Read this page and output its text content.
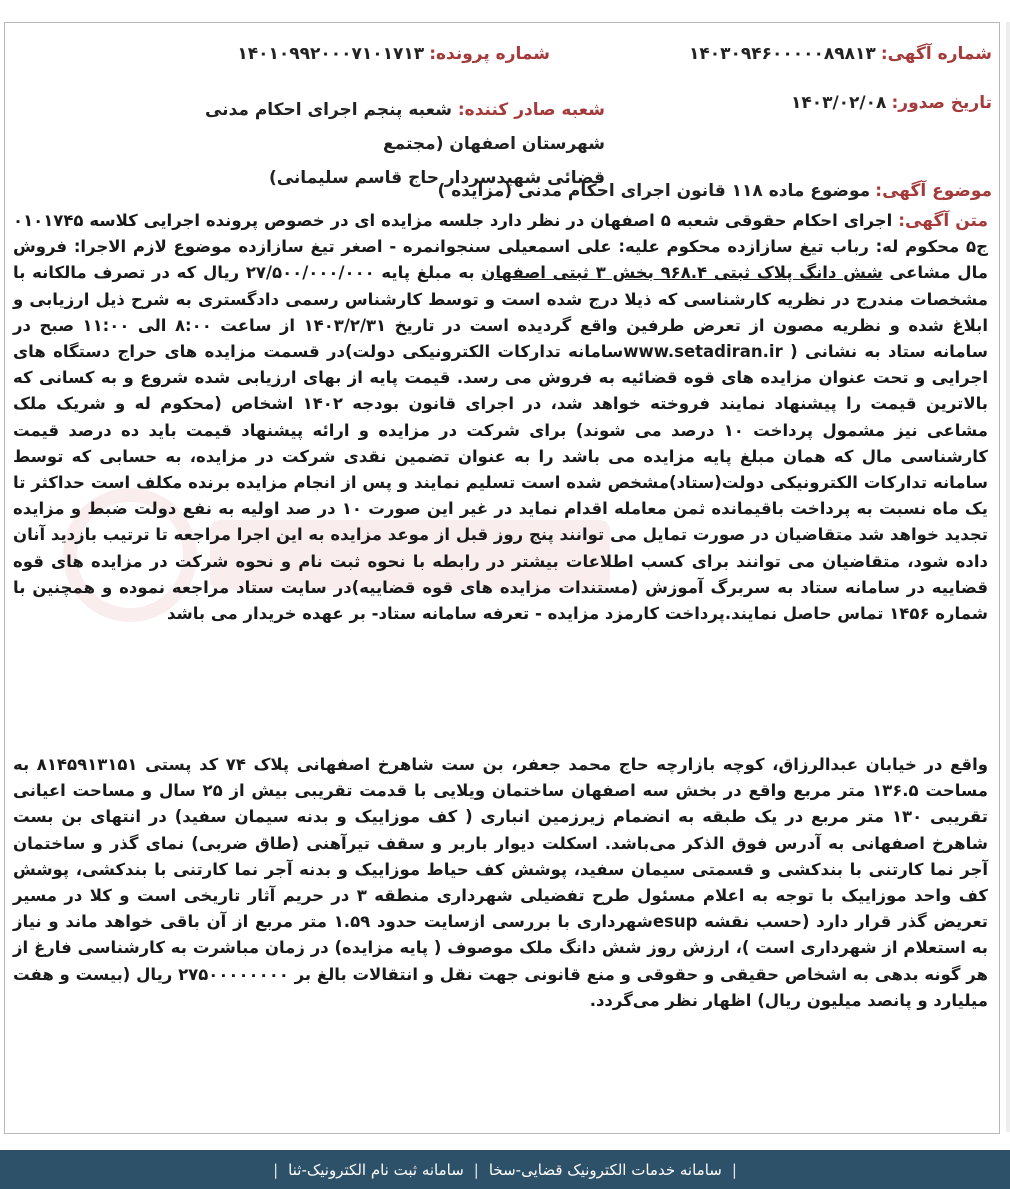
شماره آگهی: ۱۴۰۳۰۹۴۶۰۰۰۰۰۸۹۸۱۳
شماره پرونده: ۱۴۰۱۰۹۹۲۰۰۰۷۱۰۱۷۱۳
تاریخ صدور: ۱۴۰۳/۰۲/۰۸
شعبه صادر کننده: شعبه پنجم اجرای احکام مدنی شهرستان اصفهان (مجتمع
قضائی شهیدسردار حاج قاسم سلیمانی)
موضوع آگهی: موضوع ماده ۱۱۸ قانون اجرای احکام مدنی (مزایده )
متن آگهی: اجرای احکام حقوقی شعبه ۵ اصفهان در نظر دارد جلسه مزایده ای در خصوص پرونده اجرایی کلاسه ۰۱۰۱۷۴۵ ج۵ محکوم له: رباب تیغ سازازده محکوم علیه: علی اسمعیلی سنجوانمره - اصغر تیغ سازازده موضوع لازم الاجرا: فروش مال مشاعی شش دانگ پلاک ثبتی ۹۶۸.۴ بخش ۳ ثبتی اصفهان به مبلغ پایه ۲۷/۵۰۰/۰۰۰/۰۰۰ ریال که در تصرف مالکانه با مشخصات مندرج در نظریه کارشناسی که ذیلا درج شده است و توسط کارشناس رسمی دادگستری به شرح ذیل ارزیابی و ابلاغ شده و نظریه مصون از تعرض طرفین واقع گردیده است در تاریخ ۱۴۰۳/۲/۳۱ از ساعت ۸:۰۰ الی ۱۱:۰۰ صبح در سامانه ستاد به نشانی ( www.setadiran.irسامانه تدارکات الکترونیکی دولت)در قسمت مزایده های حراج دستگاه های اجرایی و تحت عنوان مزایده های قوه قضائیه به فروش می رسد. قیمت پایه از بهای ارزیابی شده شروع و به کسانی که بالاترین قیمت را پیشنهاد نمایند فروخته خواهد شد، در اجرای قانون بودجه ۱۴۰۲ اشخاص (محکوم له و شریک ملک مشاعی نیز مشمول پرداخت ۱۰ درصد می شوند) برای شرکت در مزایده و ارائه پیشنهاد قیمت باید ده درصد قیمت کارشناسی مال که همان مبلغ پایه مزایده می باشد را به عنوان تضمین نقدی شرکت در مزایده، به حسابی که توسط سامانه تدارکات الکترونیکی دولت(ستاد)مشخص شده است تسلیم نمایند و پس از انجام مزایده برنده مکلف است حداکثر تا یک ماه نسبت به پرداخت باقیمانده ثمن معامله اقدام نماید در غیر این صورت ۱۰ در صد اولیه به نفع دولت ضبط و مزایده تجدید خواهد شد متقاضیان در صورت تمایل می توانند پنج روز قبل از موعد مزایده به این اجرا مراجعه تا ترتیب بازدید آنان داده شود، متقاضیان می توانند برای کسب اطلاعات بیشتر در رابطه با نحوه ثبت نام و نحوه شرکت در مزایده های قوه قضاییه در سامانه ستاد به سربرگ آموزش (مستندات مزایده های قوه قضاییه)در سایت ستاد مراجعه نموده و همچنین با شماره ۱۴۵۶ تماس حاصل نمایند.پرداخت کارمزد مزایده - تعرفه سامانه ستاد- بر عهده خریدار می باشد
واقع در خیابان عبدالرزاق، کوچه بازارچه حاج محمد جعفر، بن ست شاهرخ اصفهانی پلاک ۷۴ کد پستی ۸۱۴۵۹۱۳۱۵۱ به مساحت ۱۳۶.۵ متر مربع واقع در بخش سه اصفهان ساختمان ویلایی با قدمت تقریبی بیش از ۲۵ سال و مساحت اعیانی تقریبی ۱۳۰ متر مربع در یک طبقه به انضمام زیرزمین انباری ( کف موزاییک و بدنه سیمان سفید) در انتهای بن بست شاهرخ اصفهانی به آدرس فوق الذکر می‌باشد. اسکلت دیوار باربر و سقف تیرآهنی (طاق ضربی) نمای گذر و ساختمان آجر نما کارتنی با بندکشی و قسمتی سیمان سفید، پوشش کف حیاط موزاییک و بدنه آجر نما کارتنی با بندکشی، پوشش کف واحد موزاییک با توجه به اعلام مسئول طرح تفضیلی شهرداری منطقه ۳ در حریم آثار تاریخی است و کلا در مسیر تعریض گذر قرار دارد (حسب نقشه esupشهرداری با بررسی ازسایت حدود ۱.۵۹ متر مربع از آن باقی خواهد ماند و نیاز به استعلام از شهرداری است )، ارزش روز شش دانگ ملک موصوف ( پایه مزایده) در زمان مباشرت به کارشناسی فارغ از هر گونه بدهی به اشخاص حقیقی و حقوقی و منع قانونی جهت نقل و انتقالات بالغ بر ۲۷۵۰۰۰۰۰۰۰۰ ریال (بیست و هفت میلیارد و پانصد میلیون ریال) اظهار نظر می‌گردد.
|
سامانه خدمات الکترونیک قضایی-سخا
|
سامانه ثبت نام الکترونیک-ثنا
|
